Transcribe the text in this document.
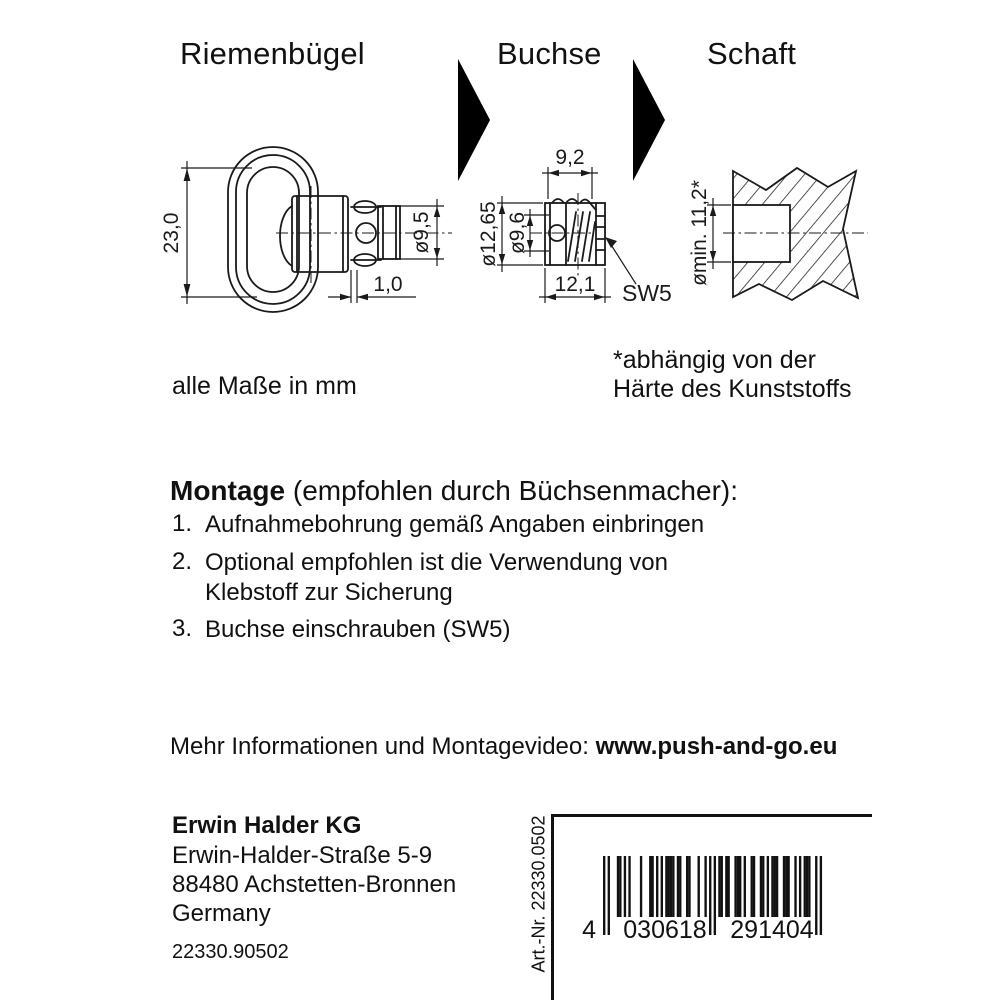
Riemenbügel	Buchse	Schaft
23,0	ø9,5
1,0
9,2
ø12,65 ø9,6
12,1 SW5
ømin. 11,2*
alle Maße in mm
*abhängig von der
Härte des Kunststoffs
Montage (empfohlen durch Büchsenmacher):
1. Aufnahmebohrung gemäß Angaben einbringen
2. Optional empfohlen ist die Verwendung von
Klebstoff zur Sicherung
3. Buchse einschrauben (SW5)
Mehr Informationen und Montagevideo: www.push-and-go.eu
Erwin Halder KG
Erwin-Halder-Straße 5-9
88480 Achstetten-Bronnen
Germany
22330.90502	Art.-Nr. 22330.0502	4 030618 291404
